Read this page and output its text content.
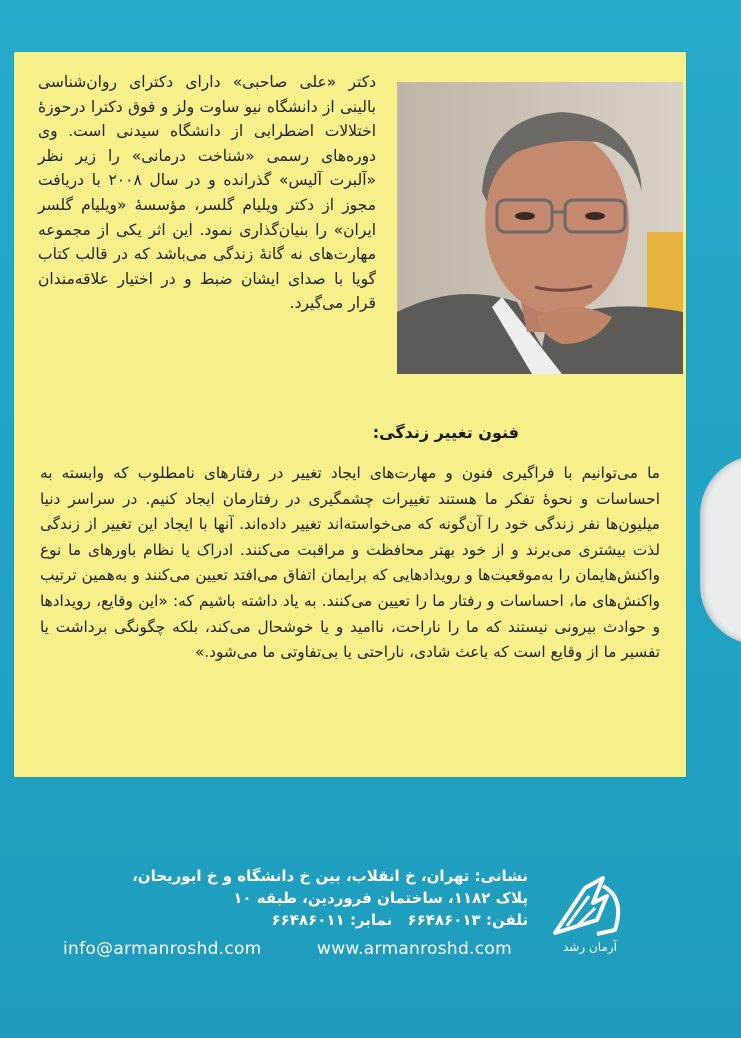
دکتر «علی صاحبی» دارای دکترای روان‌شناسی بالینی از دانشگاه نیو ساوت ولز و فوق دکترا درحوزهٔ اختلالات اضطرابی از دانشگاه سیدنی است. وی دوره‌های رسمی «شناخت درمانی» را زیر نظر «آلبرت آلیس» گذرانده و در سال ۲۰۰۸ با دریافت مجوز از دکتر ویلیام گلسر، مؤسسهٔ «ویلیام گلسر ایران» را بنیان‌گذاری نمود. این اثر یکی از مجموعه مهارت‌های نه گانهٔ زندگی می‌باشد که در قالب کتاب گویا با صدای ایشان ضبط و در اختیار علاقه‌مندان قرار می‌گیرد.
فنون تغییر زندگی:
ما می‌توانیم با فراگیری فنون و مهارت‌های ایجاد تغییر در رفتارهای نامطلوب که وابسته به احساسات و نحوهٔ تفکر ما هستند تغییرات چشمگیری در رفتارمان ایجاد کنیم. در سراسر دنیا میلیون‌ها نفر زندگی خود را آن‌گونه که می‌خواسته‌اند تغییر داده‌اند. آنها با ایجاد این تغییر از زندگی لذت بیشتری می‌برند و از خود بهتر محافظت و مراقبت می‌کنند. ادراک یا نظام باورهای ما نوع واکنش‌هایمان را به‌موقعیت‌ها و رویدادهایی که برایمان اتفاق می‌افتد تعیین می‌کنند و به‌همین ترتیب واکنش‌های ما، احساسات و رفتار ما را تعیین می‌کنند. به یاد داشته باشیم که: «این وقایع، رویدادها و حوادث بیرونی نیستند که ما را ناراحت، ناامید و یا خوشحال می‌کند، بلکه چگونگی برداشت یا تفسیر ما از وقایع است که باعث شادی، ناراحتی یا بی‌تفاوتی ما می‌شود.»
آرمان رشد
نشانی: تهران، خ انقلاب، بین خ دانشگاه و خ ابوریحان،
پلاک ۱۱۸۲، ساختمان فروردین، طبقه ۱۰
تلفن: ۶۶۴۸۶۰۱۳ نمابر: ۶۶۴۸۶۰۱۱
info@armanroshd.com	www.armanroshd.com
